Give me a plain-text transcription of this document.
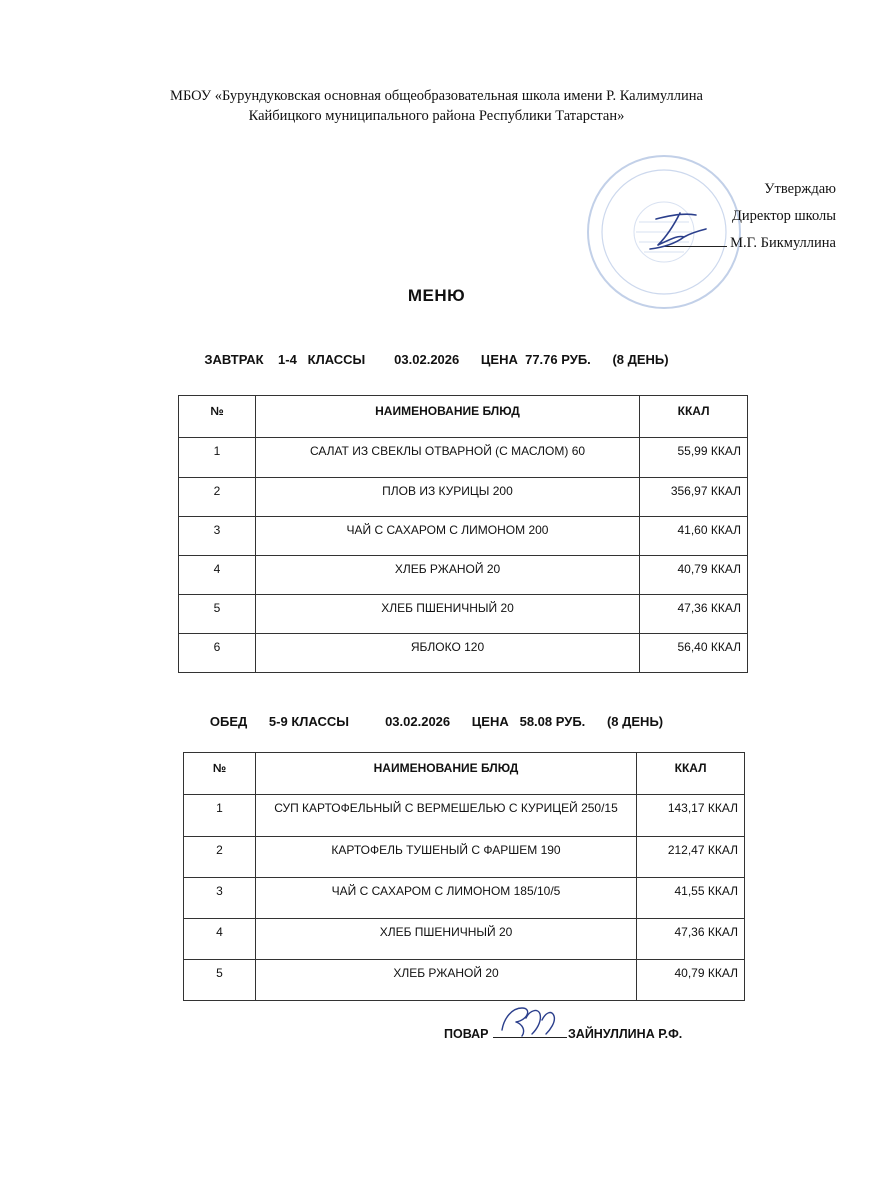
МБОУ «Бурундуковская основная общеобразовательная школа имени Р. Калимуллина
Кайбицкого муниципального района Республики Татарстан»
Утверждаю
Директор школы
М.Г. Бикмуллина
МЕНЮ
ЗАВТРАК    1-4   КЛАССЫ        03.02.2026      ЦЕНА  77.76 РУБ.      (8 ДЕНЬ)
№	НАИМЕНОВАНИЕ БЛЮД	ККАЛ
1	САЛАТ ИЗ СВЕКЛЫ ОТВАРНОЙ (С МАСЛОМ) 60	55,99 ККАЛ
2	ПЛОВ ИЗ КУРИЦЫ 200	356,97 ККАЛ
3	ЧАЙ С САХАРОМ С ЛИМОНОМ 200	41,60 ККАЛ
4	ХЛЕБ РЖАНОЙ 20	40,79 ККАЛ
5	ХЛЕБ ПШЕНИЧНЫЙ 20	47,36 ККАЛ
6	ЯБЛОКО 120	56,40 ККАЛ
ОБЕД      5-9 КЛАССЫ          03.02.2026      ЦЕНА   58.08 РУБ.      (8 ДЕНЬ)
№	НАИМЕНОВАНИЕ БЛЮД	ККАЛ
1	СУП КАРТОФЕЛЬНЫЙ С ВЕРМЕШЕЛЬЮ С КУРИЦЕЙ 250/15	143,17 ККАЛ
2	КАРТОФЕЛЬ ТУШЕНЫЙ С ФАРШЕМ 190	212,47 ККАЛ
3	ЧАЙ С САХАРОМ С ЛИМОНОМ 185/10/5	41,55 ККАЛ
4	ХЛЕБ ПШЕНИЧНЫЙ 20	47,36 ККАЛ
5	ХЛЕБ РЖАНОЙ 20	40,79 ККАЛ
ПОВАР	ЗАЙНУЛЛИНА Р.Ф.
